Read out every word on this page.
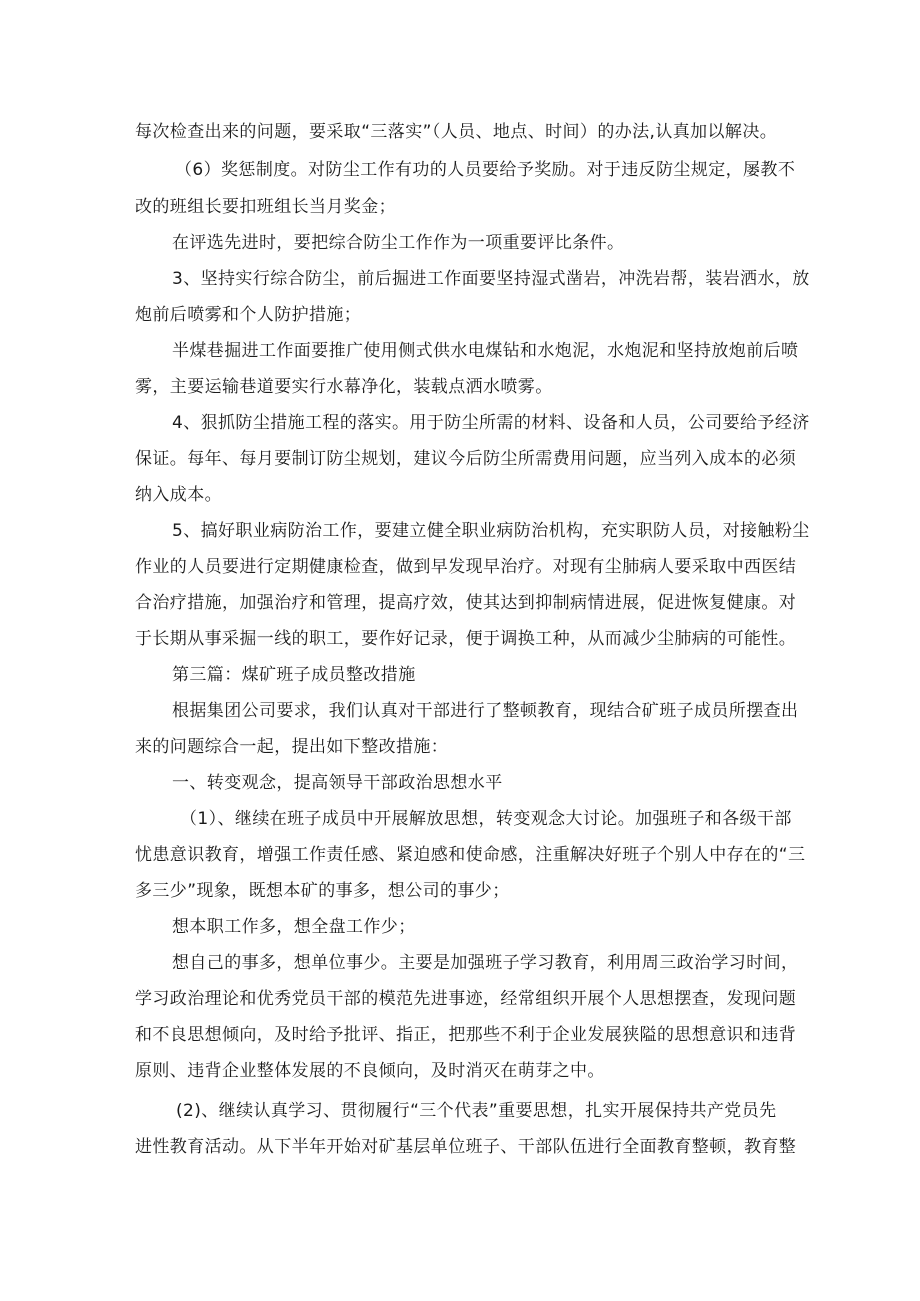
每次检查出来的问题，要采取“三落实”（人员、地点、时间）的办法,认真加以解决。
（6）奖惩制度。对防尘工作有功的人员要给予奖励。对于违反防尘规定，屡教不
改的班组长要扣班组长当月奖金；
在评选先进时，要把综合防尘工作作为一项重要评比条件。
3、坚持实行综合防尘，前后掘进工作面要坚持湿式凿岩，冲洗岩帮，装岩洒水，放
炮前后喷雾和个人防护措施；
半煤巷掘进工作面要推广使用侧式供水电煤钻和水炮泥，水炮泥和坚持放炮前后喷
雾，主要运输巷道要实行水幕净化，装载点洒水喷雾。
4、狠抓防尘措施工程的落实。用于防尘所需的材料、设备和人员，公司要给予经济
保证。每年、每月要制订防尘规划，建议今后防尘所需费用问题，应当列入成本的必须
纳入成本。
5、搞好职业病防治工作，要建立健全职业病防治机构，充实职防人员，对接触粉尘
作业的人员要进行定期健康检查，做到早发现早治疗。对现有尘肺病人要采取中西医结
合治疗措施，加强治疗和管理，提高疗效，使其达到抑制病情进展，促进恢复健康。对
于长期从事采掘一线的职工，要作好记录，便于调换工种，从而减少尘肺病的可能性。
第三篇：煤矿班子成员整改措施
根据集团公司要求，我们认真对干部进行了整顿教育，现结合矿班子成员所摆查出
来的问题综合一起，提出如下整改措施：
一、转变观念，提高领导干部政治思想水平
（1）、继续在班子成员中开展解放思想，转变观念大讨论。加强班子和各级干部
忧患意识教育，增强工作责任感、紧迫感和使命感，注重解决好班子个别人中存在的“三
多三少”现象，既想本矿的事多，想公司的事少；
想本职工作多，想全盘工作少；
想自己的事多，想单位事少。主要是加强班子学习教育，利用周三政治学习时间，
学习政治理论和优秀党员干部的模范先进事迹，经常组织开展个人思想摆查，发现问题
和不良思想倾向，及时给予批评、指正，把那些不利于企业发展狭隘的思想意识和违背
原则、违背企业整体发展的不良倾向，及时消灭在萌芽之中。
(2)、继续认真学习、贯彻履行“三个代表”重要思想，扎实开展保持共产党员先
进性教育活动。从下半年开始对矿基层单位班子、干部队伍进行全面教育整顿，教育整
